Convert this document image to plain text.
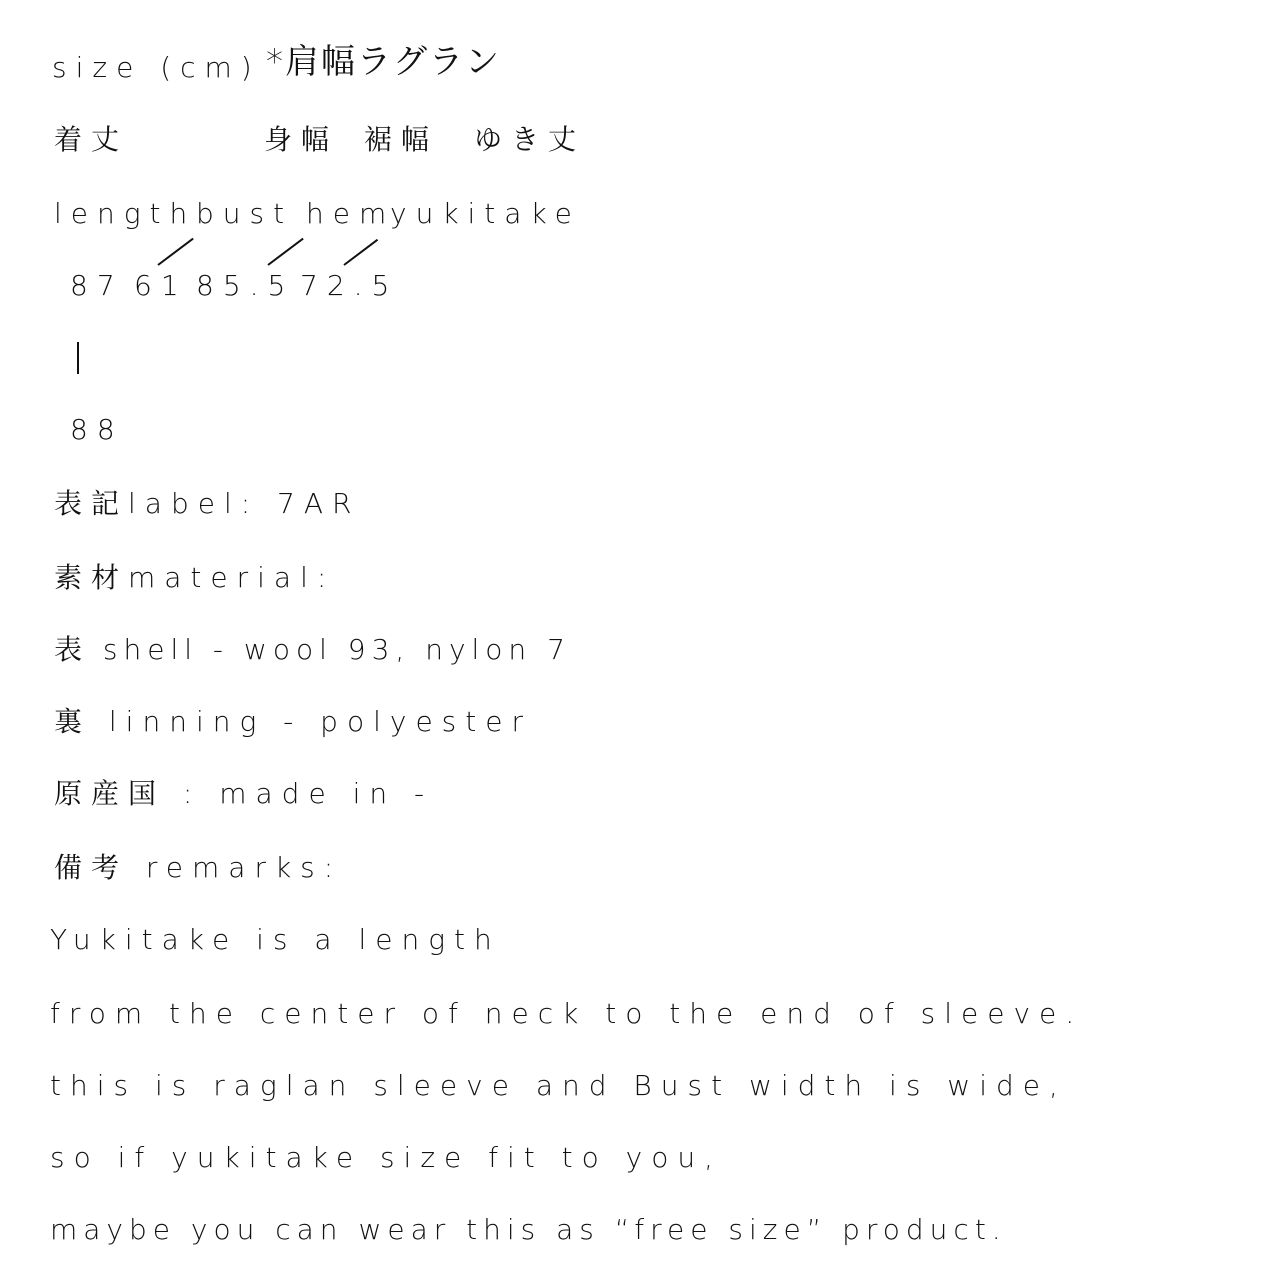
size (cm) *肩幅ラグラン
着丈	身幅 裾幅 ゆき丈
length bust hem
yukitake
87 61 85.5 72.5
88
表記label: 7AR
素材material:
表 shell - wool 93, nylon 7
裏 linning - polyester
原産国 : made in -
備考 remarks:
Yukitake is a length
from the center of neck to the end of sleeve.
this is raglan sleeve and Bust width is wide,
so if yukitake size fit to you,
maybe you can wear this as “free size” product.
